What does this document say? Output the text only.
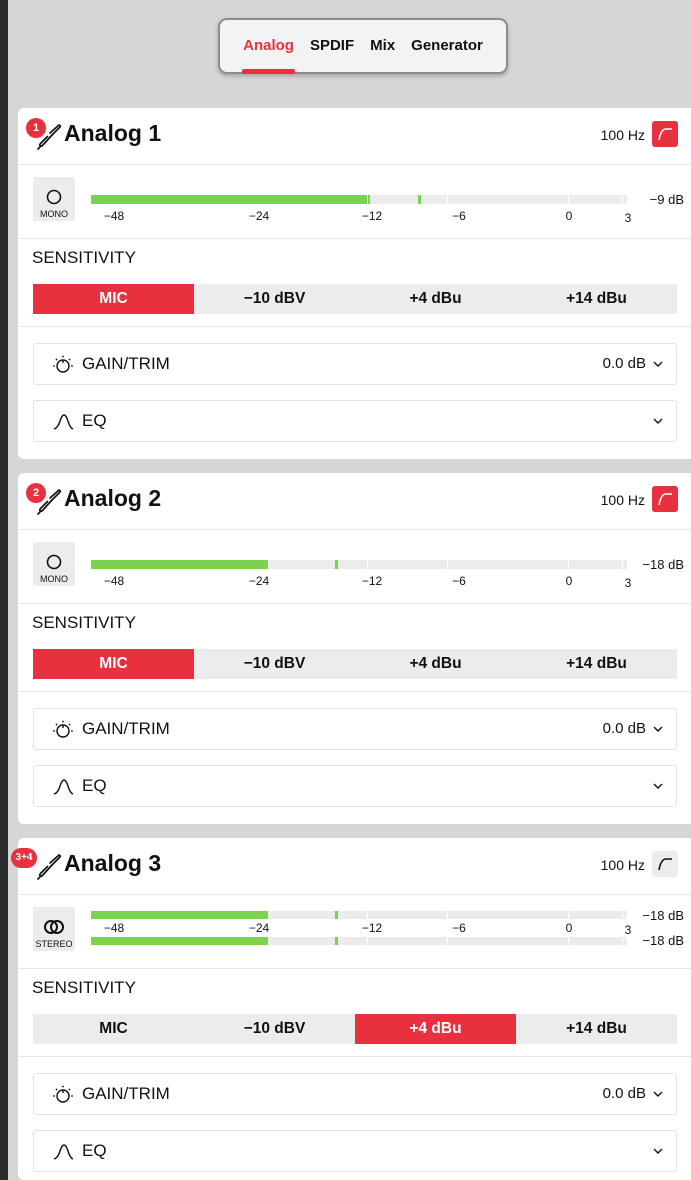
Analog SPDIF Mix Generator
1	Analog 1	100 Hz
MONO	−48	−24	−12	−6	0	3
−9 dB
SENSITIVITY
MIC	−10 dBV	+4 dBu	+14 dBu
GAIN/TRIM	0.0 dB
EQ
2	Analog 2	100 Hz
MONO	−48	−24	−12	−6	0	3
−18 dB
SENSITIVITY
MIC	−10 dBV	+4 dBu	+14 dBu
GAIN/TRIM	0.0 dB
EQ
3+4 Analog 3	100 Hz
STEREO
−48	−24	−12	−6	0	3
−18 dB
−18 dB
SENSITIVITY
MIC	−10 dBV	+4 dBu	+14 dBu
GAIN/TRIM	0.0 dB
EQ
